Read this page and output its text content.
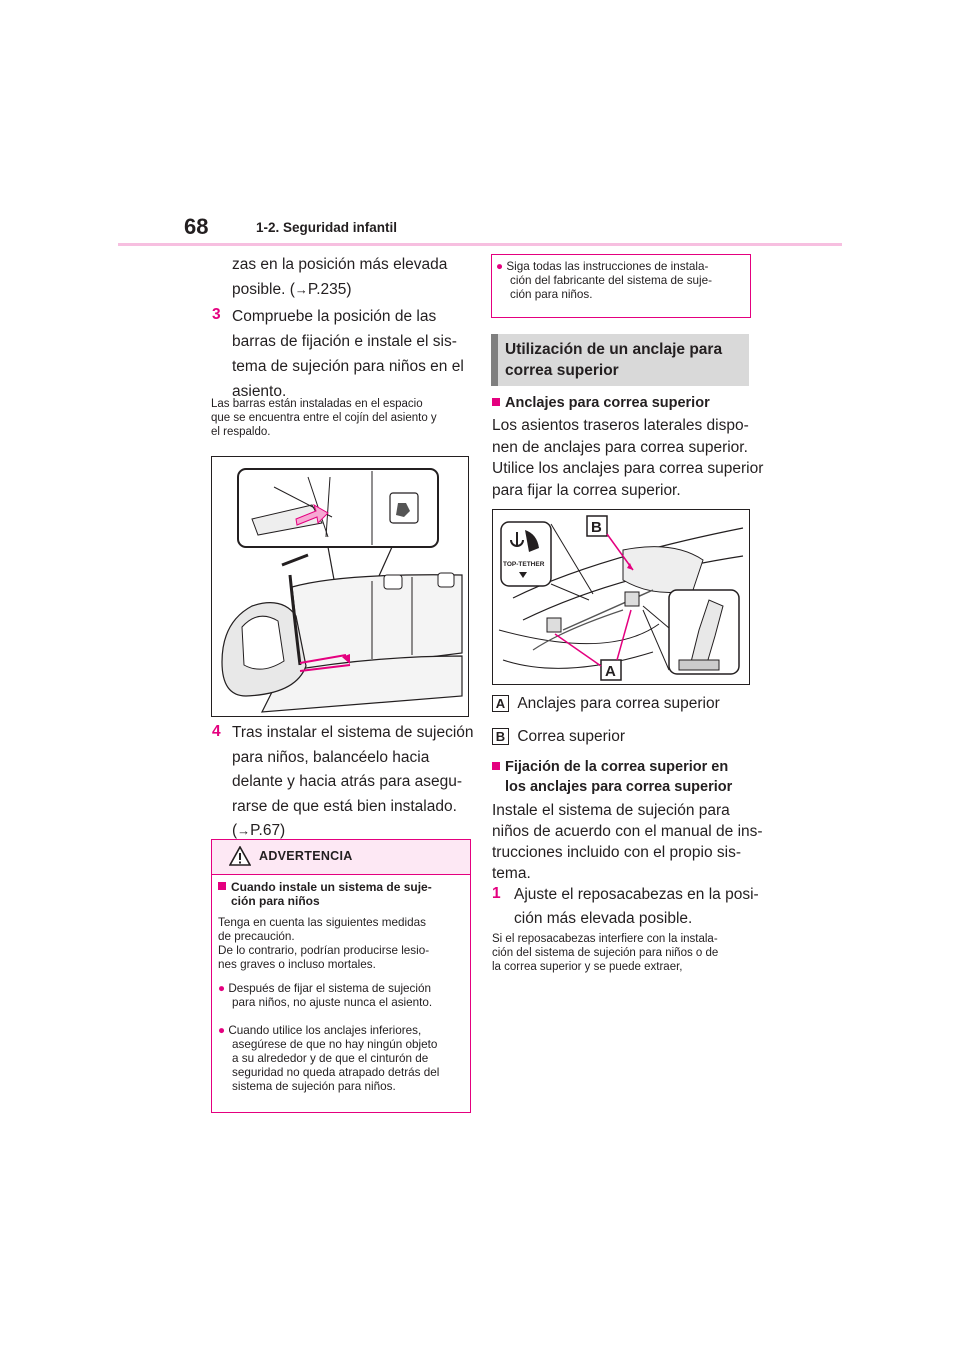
68	1-2. Seguridad infantil
zas en la posición más elevada
posible. (→P.235)
3 Compruebe la posición de las
barras de fijación e instale el sis-
tema de sujeción para niños en el
asiento.
Las barras están instaladas en el espacio
que se encuentra entre el cojín del asiento y
el respaldo.
4 Tras instalar el sistema de sujeción
para niños, balancéelo hacia
delante y hacia atrás para asegu-
rarse de que está bien instalado.
(→P.67)
ADVERTENCIA
Cuando instale un sistema de suje-
ción para niños
Tenga en cuenta las siguientes medidas
de precaución.
De lo contrario, podrían producirse lesio-
nes graves o incluso mortales.
● Después de fijar el sistema de sujeción
para niños, no ajuste nunca el asiento.
● Cuando utilice los anclajes inferiores,
asegúrese de que no hay ningún objeto
a su alrededor y de que el cinturón de
seguridad no queda atrapado detrás del
sistema de sujeción para niños.
● Siga todas las instrucciones de instala-
ción del fabricante del sistema de suje-
ción para niños.
Utilización de un anclaje para
correa superior
Anclajes para correa superior
Los asientos traseros laterales dispo-
nen de anclajes para correa superior.
Utilice los anclajes para correa superior
para fijar la correa superior.
TOP-TETHER
B
A
A Anclajes para correa superior
B Correa superior
Fijación de la correa superior en
los anclajes para correa superior
Instale el sistema de sujeción para
niños de acuerdo con el manual de ins-
trucciones incluido con el propio sis-
tema.
1 Ajuste el reposacabezas en la posi-
ción más elevada posible.
Si el reposacabezas interfiere con la instala-
ción del sistema de sujeción para niños o de
la correa superior y se puede extraer,
